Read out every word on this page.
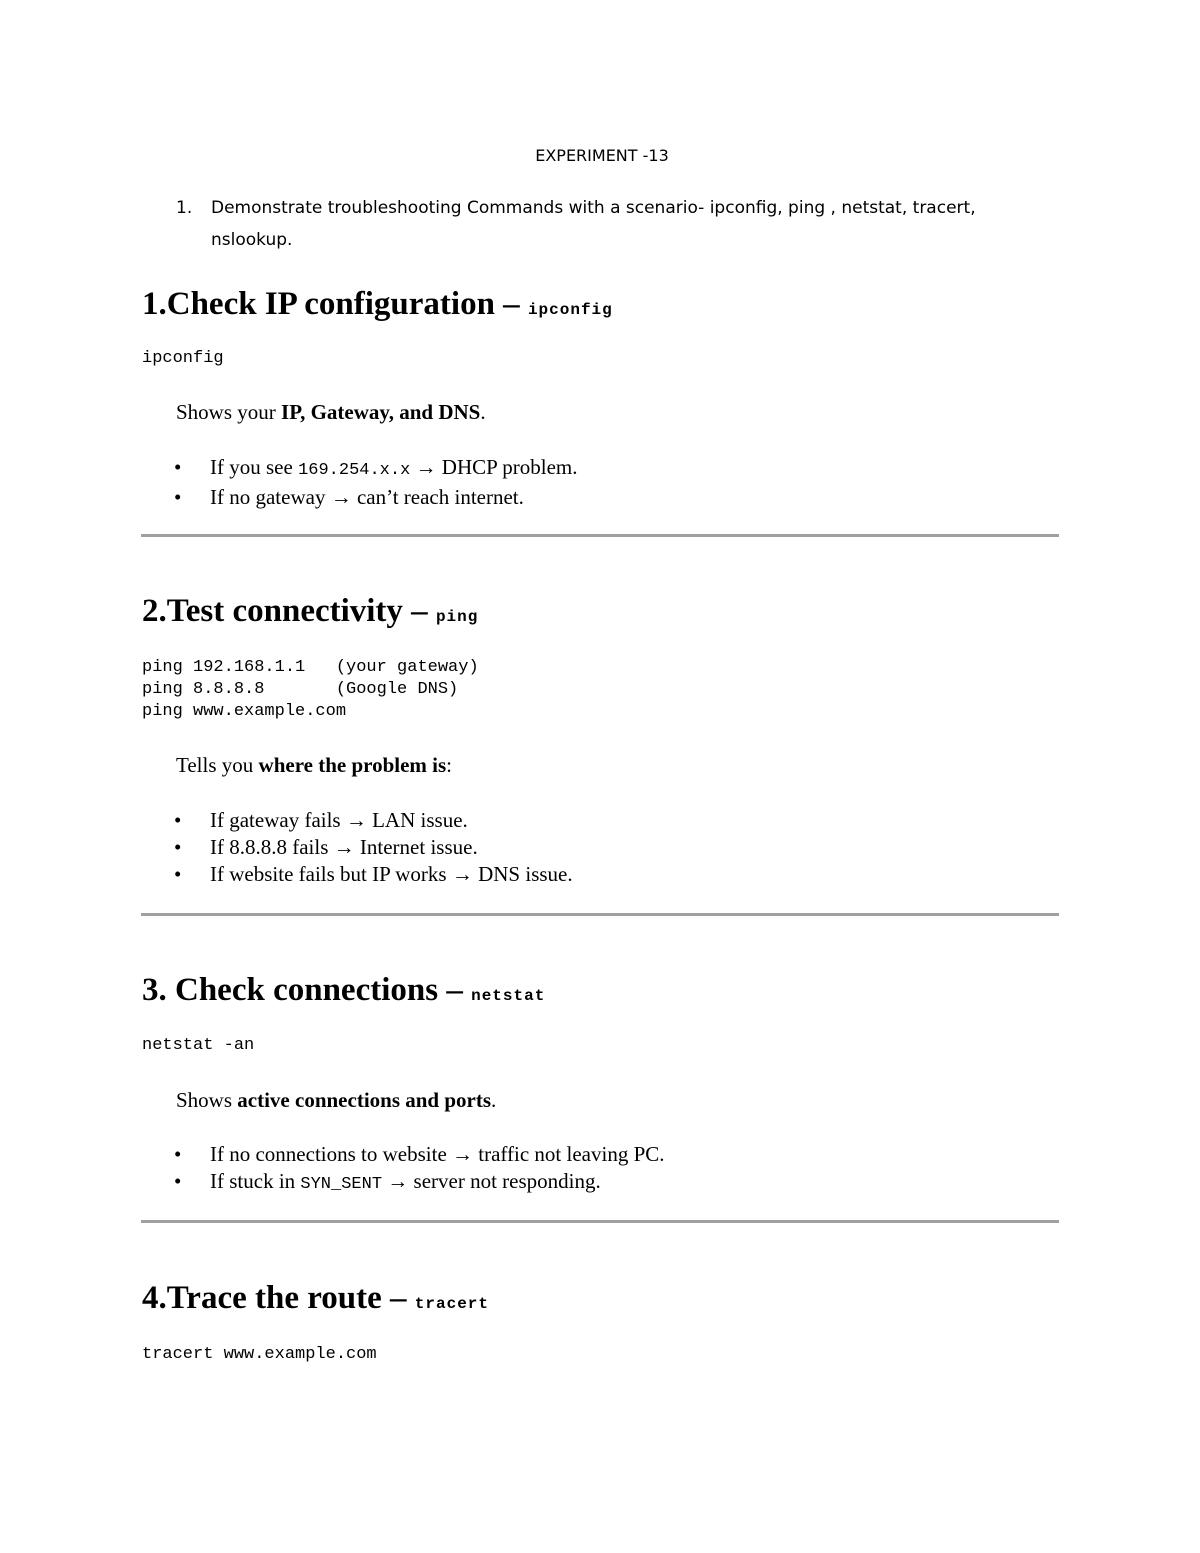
EXPERIMENT -13
1. Demonstrate troubleshooting Commands with a scenario- ipconfig, ping , netstat, tracert, nslookup.
1.Check IP configuration – ipconfig
ipconfig
Shows your IP, Gateway, and DNS.
• If you see 169.254.x.x → DHCP problem.
• If no gateway → can’t reach internet.
2.Test connectivity – ping
ping 192.168.1.1   (your gateway)
ping 8.8.8.8       (Google DNS)
ping www.example.com
Tells you where the problem is:
• If gateway fails → LAN issue.
• If 8.8.8.8 fails → Internet issue.
• If website fails but IP works → DNS issue.
3. Check connections – netstat
netstat -an
Shows active connections and ports.
• If no connections to website → traffic not leaving PC.
• If stuck in SYN_SENT → server not responding.
4.Trace the route – tracert
tracert www.example.com
